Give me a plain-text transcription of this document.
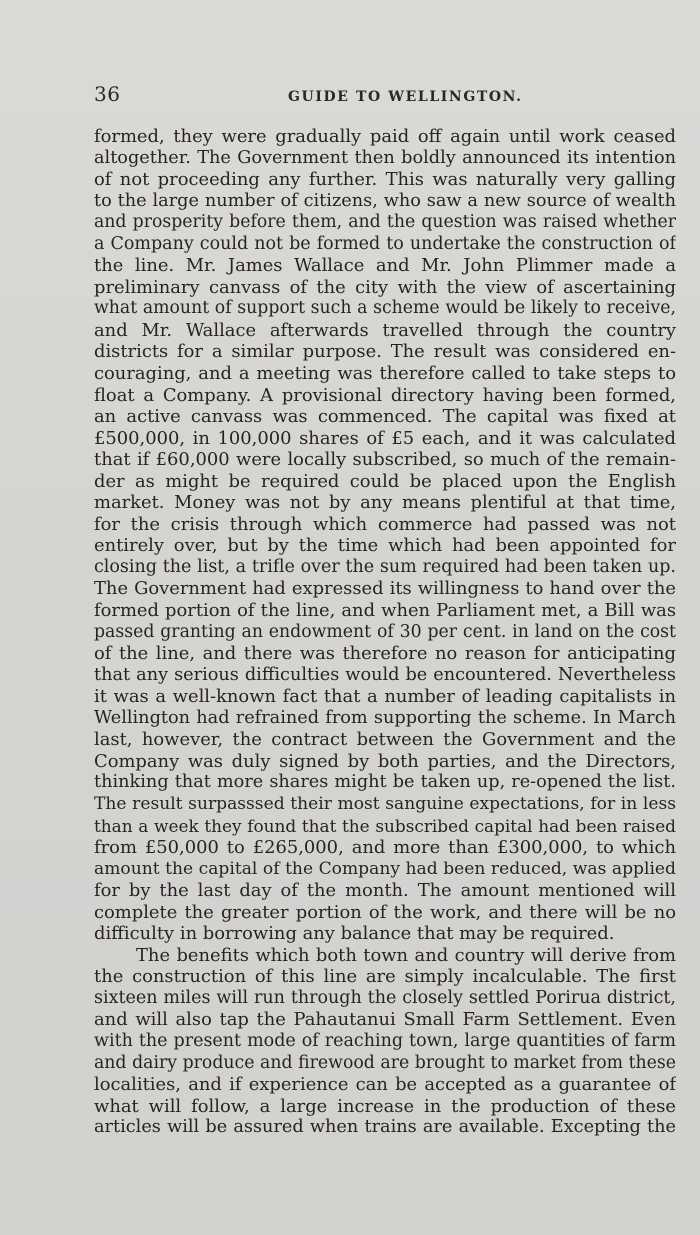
36	GUIDE TO WELLINGTON.
formed, they were gradually paid off again until work ceased
altogether. The Government then boldly announced its intention
of not proceeding any further. This was naturally very galling
to the large number of citizens, who saw a new source of wealth
and prosperity before them, and the question was raised whether
a Company could not be formed to undertake the construction of
the line. Mr. James Wallace and Mr. John Plimmer made a
preliminary canvass of the city with the view of ascertaining
what amount of support such a scheme would be likely to receive,
and Mr. Wallace afterwards travelled through the country
districts for a similar purpose. The result was considered en-
couraging, and a meeting was therefore called to take steps to
float a Company. A provisional directory having been formed,
an active canvass was commenced. The capital was fixed at
£500,000, in 100,000 shares of £5 each, and it was calculated
that if £60,000 were locally subscribed, so much of the remain-
der as might be required could be placed upon the English
market. Money was not by any means plentiful at that time,
for the crisis through which commerce had passed was not
entirely over, but by the time which had been appointed for
closing the list, a trifle over the sum required had been taken up.
The Government had expressed its willingness to hand over the
formed portion of the line, and when Parliament met, a Bill was
passed granting an endowment of 30 per cent. in land on the cost
of the line, and there was therefore no reason for anticipating
that any serious difficulties would be encountered. Nevertheless
it was a well-known fact that a number of leading capitalists in
Wellington had refrained from supporting the scheme. In March
last, however, the contract between the Government and the
Company was duly signed by both parties, and the Directors,
thinking that more shares might be taken up, re-opened the list.
The result surpasssed their most sanguine expectations, for in less
than a week they found that the subscribed capital had been raised
from £50,000 to £265,000, and more than £300,000, to which
amount the capital of the Company had been reduced, was applied
for by the last day of the month. The amount mentioned will
complete the greater portion of the work, and there will be no
difficulty in borrowing any balance that may be required.
The benefits which both town and country will derive from
the construction of this line are simply incalculable. The first
sixteen miles will run through the closely settled Porirua district,
and will also tap the Pahautanui Small Farm Settlement. Even
with the present mode of reaching town, large quantities of farm
and dairy produce and firewood are brought to market from these
localities, and if experience can be accepted as a guarantee of
what will follow, a large increase in the production of these
articles will be assured when trains are available. Excepting the
